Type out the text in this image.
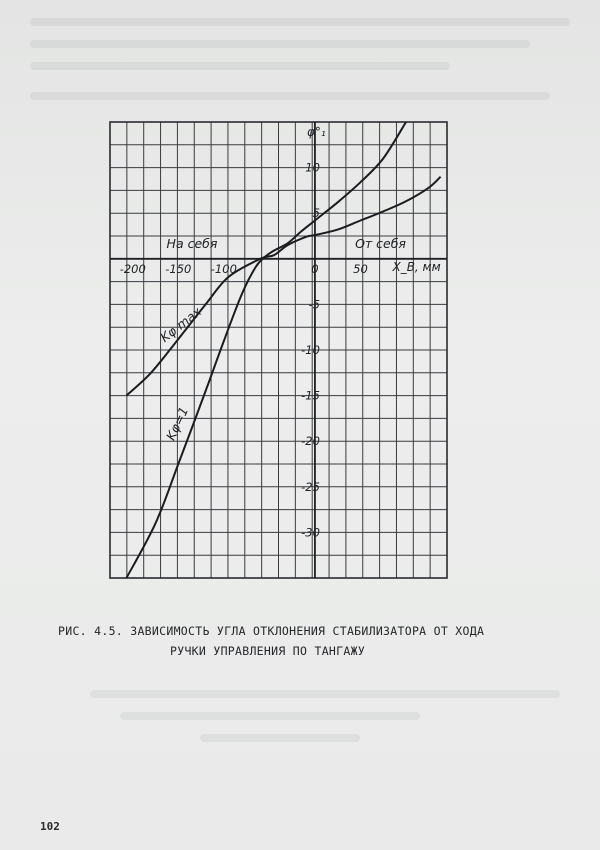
-200 -150 -100	0	50
10
5
-5
-10
-15
-20
-25
-30
φ°₁
X_B, мм
На себя	От себя
Kφ max
Kφ=1
РИС. 4.5. ЗАВИСИМОСТЬ УГЛА ОТКЛОНЕНИЯ СТАБИЛИЗАТОРА ОТ ХОДА
РУЧКИ УПРАВЛЕНИЯ ПО ТАНГАЖУ
102
